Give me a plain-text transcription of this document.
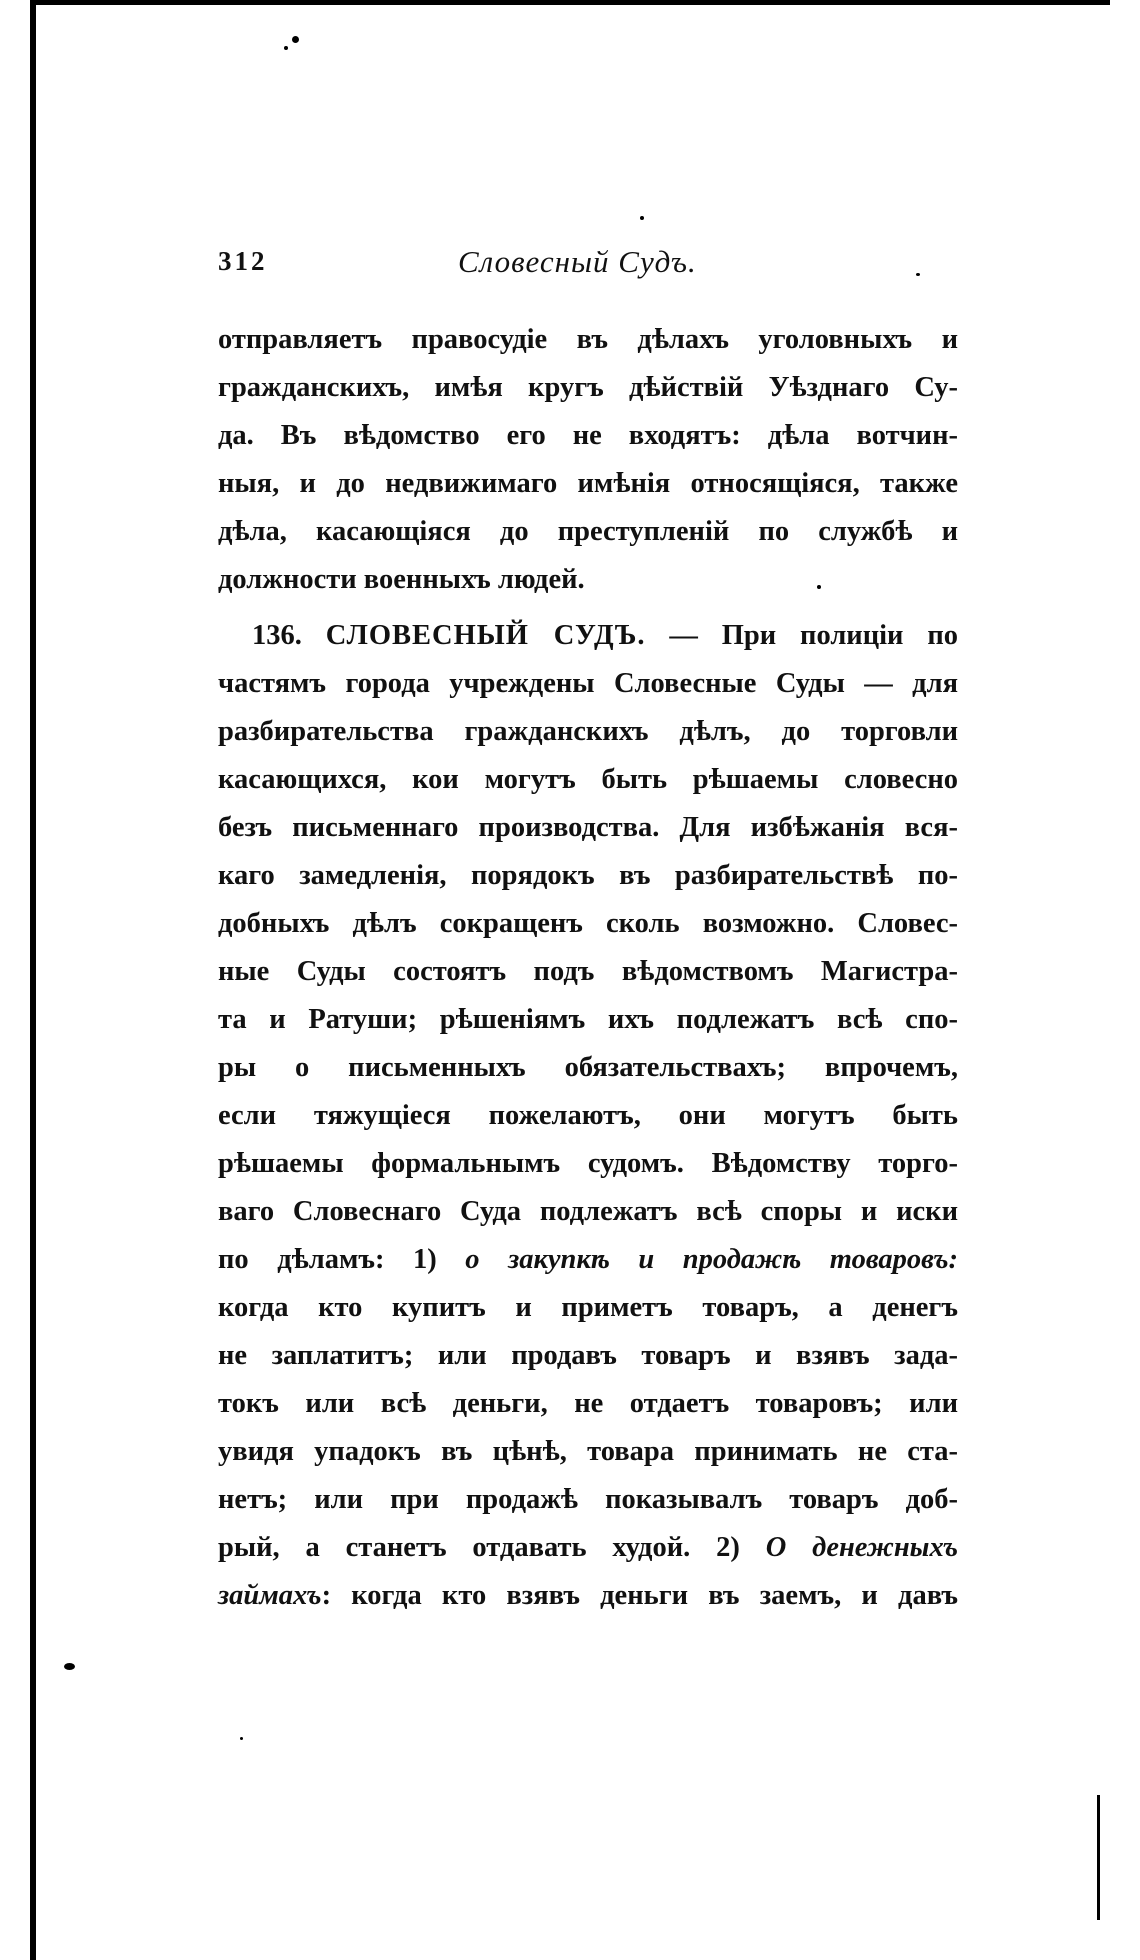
312	Словесный Судъ.
отправляетъ правосудіе въ дѣлахъ уголовныхъ и
гражданскихъ, имѣя кругъ дѣйствій Уѣзднаго Су-
да. Въ вѣдомство его не входятъ: дѣла вотчин-
ныя, и до недвижимаго имѣнія относящіяся, также
дѣла, касающіяся до преступленій по службѣ и
должности военныхъ людей.
136. СЛОВЕСНЫЙ СУДЪ. — При полиціи по
частямъ города учреждены Словесные Суды — для
разбирательства гражданскихъ дѣлъ, до торговли
касающихся, кои могутъ быть рѣшаемы словесно
безъ письменнаго производства. Для избѣжанія вся-
каго замедленія, порядокъ въ разбирательствѣ по-
добныхъ дѣлъ сокращенъ сколь возможно. Словес-
ные Суды состоятъ подъ вѣдомствомъ Магистра-
та и Ратуши; рѣшеніямъ ихъ подлежатъ всѣ спо-
ры о письменныхъ обязательствахъ; впрочемъ,
если тяжущіеся пожелаютъ, они могутъ быть
рѣшаемы формальнымъ судомъ. Вѣдомству торго-
ваго Словеснаго Суда подлежатъ всѣ споры и иски
по дѣламъ: 1) о закупкѣ и продажѣ товаровъ:
когда кто купитъ и приметъ товаръ, а денегъ
не заплатитъ; или продавъ товаръ и взявъ зада-
токъ или всѣ деньги, не отдаетъ товаровъ; или
увидя упадокъ въ цѣнѣ, товара принимать не ста-
нетъ; или при продажѣ показывалъ товаръ доб-
рый, а станетъ отдавать худой. 2) О денежныхъ
займахъ: когда кто взявъ деньги въ заемъ, и давъ
